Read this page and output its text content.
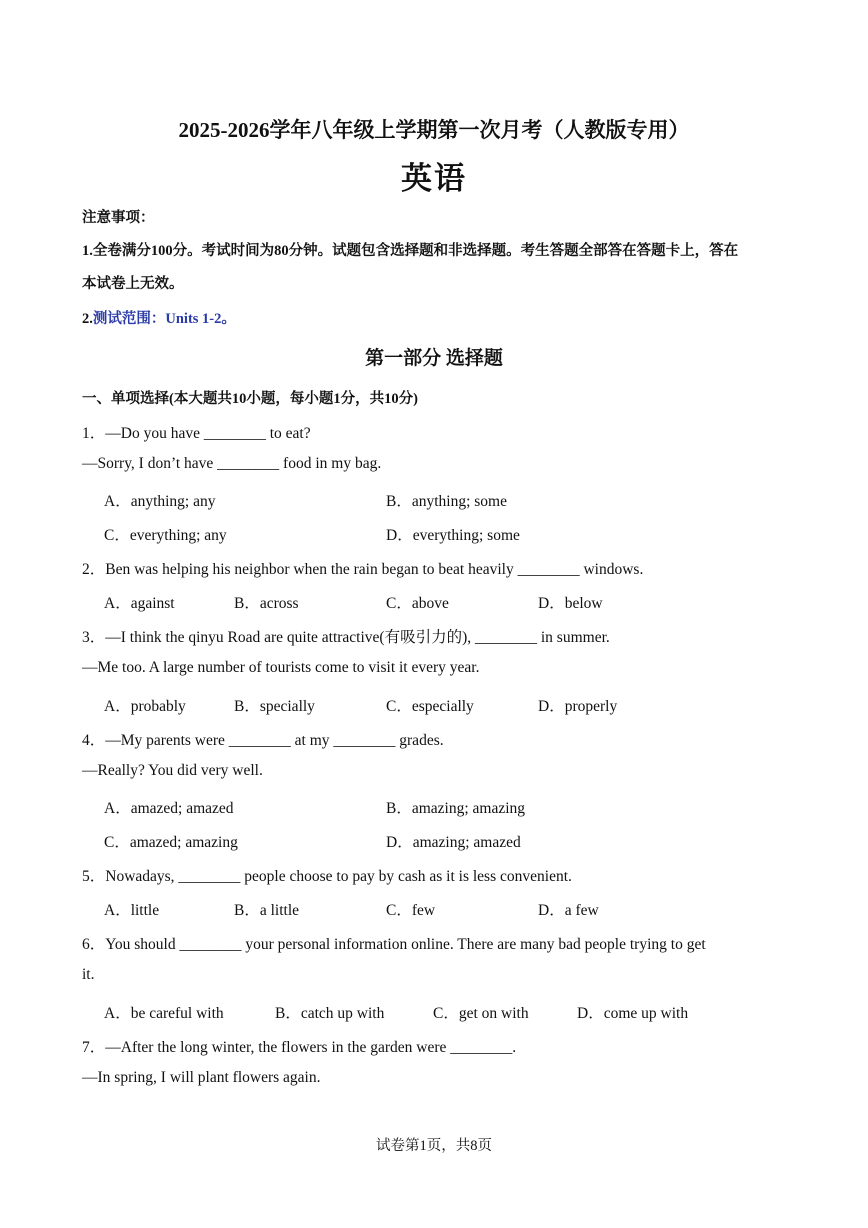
2025-2026学年八年级上学期第一次月考（人教版专用）
英语
注意事项：
1.全卷满分100分。考试时间为80分钟。试题包含选择题和非选择题。考生答题全部答在答题卡上，答在
本试卷上无效。
2.测试范围：Units 1-2。
第一部分 选择题
一、单项选择(本大题共10小题，每小题1分，共10分)
1．—Do you have ________ to eat?
—Sorry, I don’t have ________ food in my bag.
A．anything; any	B．anything; some
C．everything; any	D．everything; some
2．Ben was helping his neighbor when the rain began to beat heavily ________ windows.
A．against	B．across	C．above	D．below
3．—I think the qinyu Road are quite attractive(有吸引力的), ________ in summer.
—Me too. A large number of tourists come to visit it every year.
A．probably	B．specially	C．especially	D．properly
4．—My parents were ________ at my ________ grades.
—Really? You did very well.
A．amazed; amazed	B．amazing; amazing
C．amazed; amazing	D．amazing; amazed
5．Nowadays, ________ people choose to pay by cash as it is less convenient.
A．little	B．a little	C．few	D．a few
6．You should ________ your personal information online. There are many bad people trying to get
it.
A．be careful with	B．catch up with	C．get on with	D．come up with
7．—After the long winter, the flowers in the garden were ________.
—In spring, I will plant flowers again.
试卷第1页，共8页
